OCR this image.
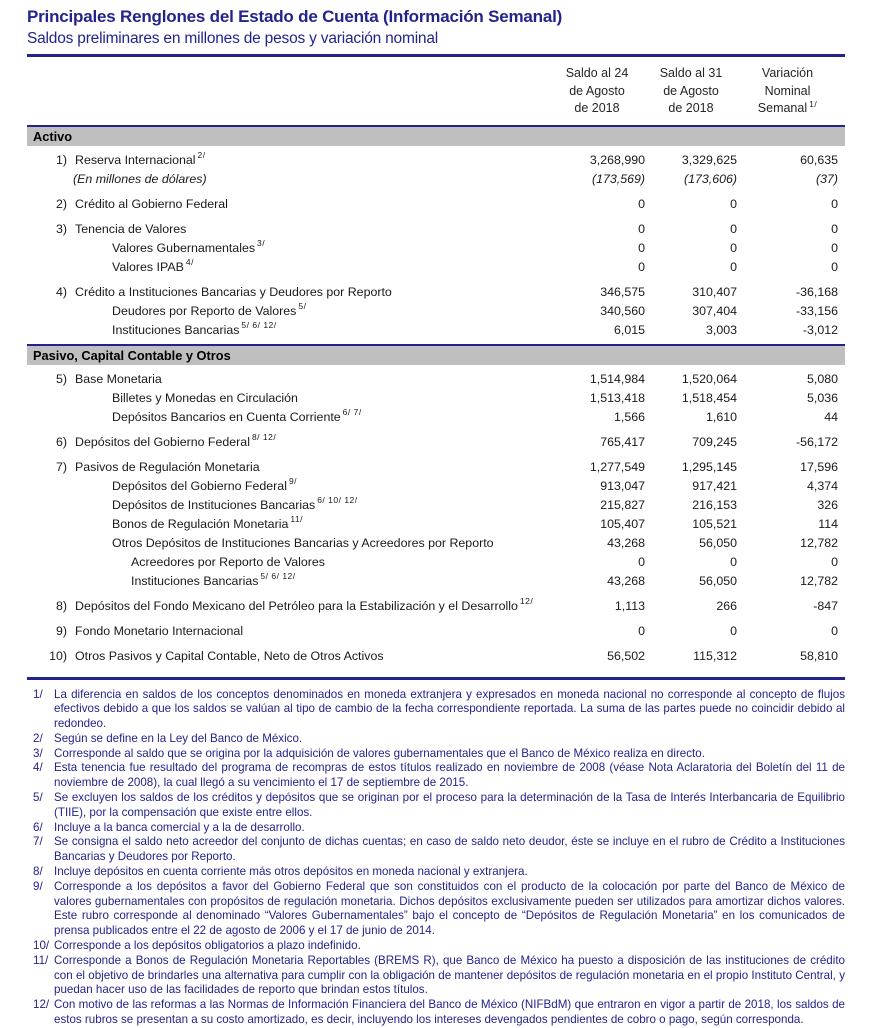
Principales Renglones del Estado de Cuenta (Información Semanal)
Saldos preliminares en millones de pesos y variación nominal
Saldo al 24
de Agosto
de 2018
Saldo al 31
de Agosto
de 2018
Variación
Nominal
Semanal $^{1/}$
Activo
1) Reserva Internacional $^{2/}$	3,268,990	3,329,625	60,635
(En millones de dólares)	(173,569)	(173,606)	(37)
2) Crédito al Gobierno Federal	0	0	0
3) Tenencia de Valores	0	0	0
Valores Gubernamentales $^{3/}$	0	0	0
Valores IPAB $^{4/}$	0	0	0
4) Crédito a Instituciones Bancarias y Deudores por Reporto	346,575	310,407	-36,168
Deudores por Reporto de Valores $^{5/}$	340,560	307,404	-33,156
Instituciones Bancarias $^{5/ 6/ 12/}$	6,015	3,003	-3,012
Pasivo, Capital Contable y Otros
5) Base Monetaria	1,514,984	1,520,064	5,080
Billetes y Monedas en Circulación	1,513,418	1,518,454	5,036
Depósitos Bancarios en Cuenta Corriente $^{6/ 7/}$	1,566	1,610	44
6) Depósitos del Gobierno Federal $^{8/ 12/}$	765,417	709,245	-56,172
7) Pasivos de Regulación Monetaria	1,277,549	1,295,145	17,596
Depósitos del Gobierno Federal $^{9/}$	913,047	917,421	4,374
Depósitos de Instituciones Bancarias $^{6/ 10/ 12/}$	215,827	216,153	326
Bonos de Regulación Monetaria $^{11/}$	105,407	105,521	114
Otros Depósitos de Instituciones Bancarias y Acreedores por Reporto	43,268	56,050	12,782
Acreedores por Reporto de Valores	0	0	0
Instituciones Bancarias $^{5/ 6/ 12/}$	43,268	56,050	12,782
8) Depósitos del Fondo Mexicano del Petróleo para la Estabilización y el Desarrollo $^{12/}$	1,113	266	-847
9) Fondo Monetario Internacional	0	0	0
10) Otros Pasivos y Capital Contable, Neto de Otros Activos	56,502	115,312	58,810
1/ La diferencia en saldos de los conceptos denominados en moneda extranjera y expresados en moneda nacional no corresponde al concepto de flujos efectivos debido a que los saldos se valúan al tipo de cambio de la fecha correspondiente reportada. La suma de las partes puede no coincidir debido al redondeo.
2/ Según se define en la Ley del Banco de México.
3/ Corresponde al saldo que se origina por la adquisición de valores gubernamentales que el Banco de México realiza en directo.
4/ Esta tenencia fue resultado del programa de recompras de estos títulos realizado en noviembre de 2008 (véase Nota Aclaratoria del Boletín del 11 de noviembre de 2008), la cual llegó a su vencimiento el 17 de septiembre de 2015.
5/ Se excluyen los saldos de los créditos y depósitos que se originan por el proceso para la determinación de la Tasa de Interés Interbancaria de Equilibrio (TIIE), por la compensación que existe entre ellos.
6/ Incluye a la banca comercial y a la de desarrollo.
7/ Se consigna el saldo neto acreedor del conjunto de dichas cuentas; en caso de saldo neto deudor, éste se incluye en el rubro de Crédito a Instituciones Bancarias y Deudores por Reporto.
8/ Incluye depósitos en cuenta corriente más otros depósitos en moneda nacional y extranjera.
9/ Corresponde a los depósitos a favor del Gobierno Federal que son constituidos con el producto de la colocación por parte del Banco de México de valores gubernamentales con propósitos de regulación monetaria. Dichos depósitos exclusivamente pueden ser utilizados para amortizar dichos valores. Este rubro corresponde al denominado “Valores Gubernamentales” bajo el concepto de “Depósitos de Regulación Monetaria” en los comunicados de prensa publicados entre el 22 de agosto de 2006 y el 17 de junio de 2014.
10/ Corresponde a los depósitos obligatorios a plazo indefinido.
11/ Corresponde a Bonos de Regulación Monetaria Reportables (BREMS R), que Banco de México ha puesto a disposición de las instituciones de crédito con el objetivo de brindarles una alternativa para cumplir con la obligación de mantener depósitos de regulación monetaria en el propio Instituto Central, y puedan hacer uso de las facilidades de reporto que brindan estos títulos.
12/ Con motivo de las reformas a las Normas de Información Financiera del Banco de México (NIFBdM) que entraron en vigor a partir de 2018, los saldos de estos rubros se presentan a su costo amortizado, es decir, incluyendo los intereses devengados pendientes de cobro o pago, según corresponda.
